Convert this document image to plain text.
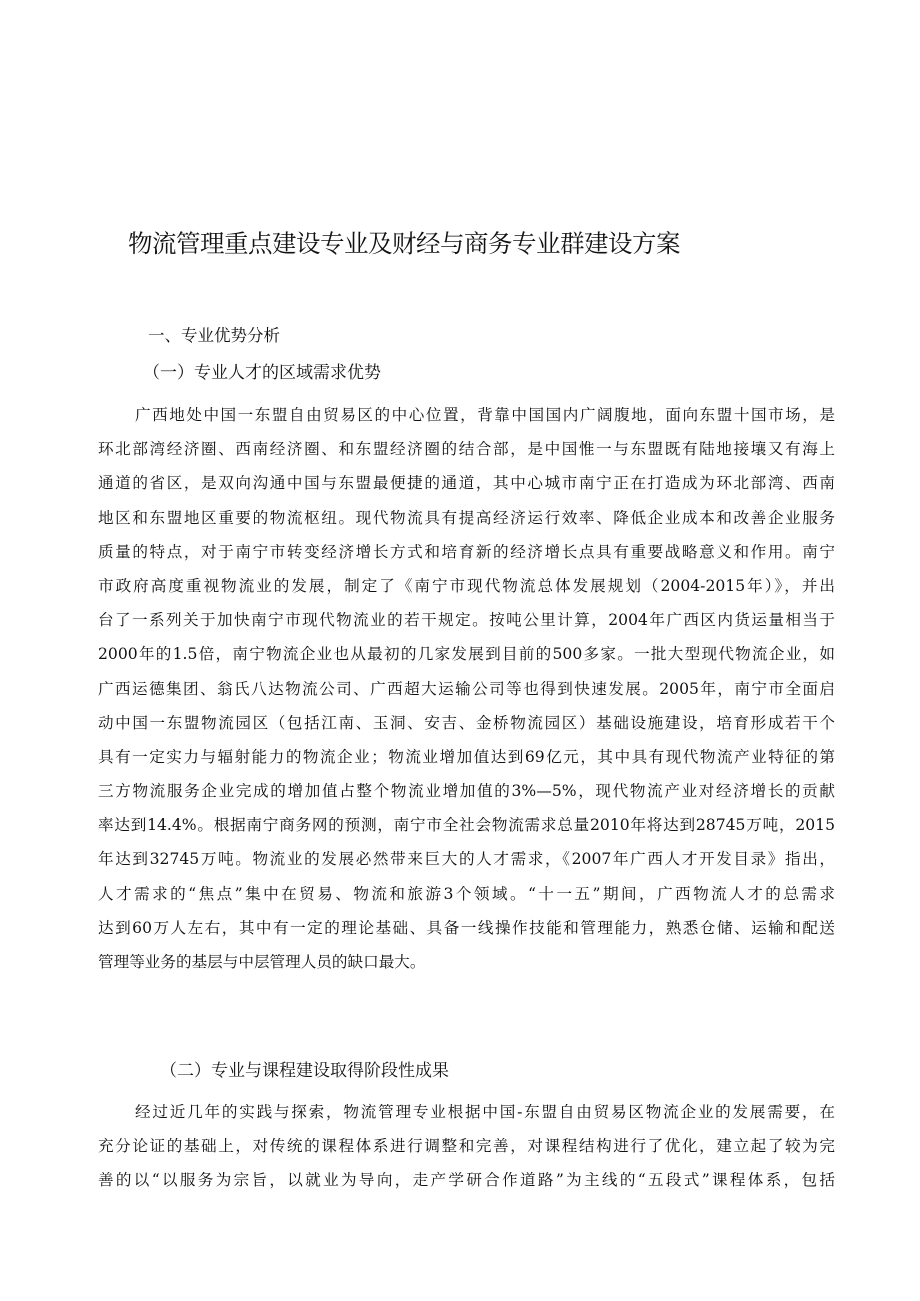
物流管理重点建设专业及财经与商务专业群建设方案
一、专业优势分析
（一）专业人才的区域需求优势
广西地处中国一东盟自由贸易区的中心位置，背靠中国国内广阔腹地，面向东盟十国市场，是
环北部湾经济圈、西南经济圈、和东盟经济圈的结合部，是中国惟一与东盟既有陆地接壤又有海上
通道的省区，是双向沟通中国与东盟最便捷的通道，其中心城市南宁正在打造成为环北部湾、西南
地区和东盟地区重要的物流枢纽。现代物流具有提高经济运行效率、降低企业成本和改善企业服务
质量的特点，对于南宁市转变经济增长方式和培育新的经济增长点具有重要战略意义和作用。南宁
市政府高度重视物流业的发展，制定了《南宁市现代物流总体发展规划（2004-2015年）》，并出
台了一系列关于加快南宁市现代物流业的若干规定。按吨公里计算，2004年广西区内货运量相当于
2000年的1.5倍，南宁物流企业也从最初的几家发展到目前的500多家。一批大型现代物流企业，如
广西运德集团、翁氏八达物流公司、广西超大运输公司等也得到快速发展。2005年，南宁市全面启
动中国一东盟物流园区（包括江南、玉洞、安吉、金桥物流园区）基础设施建设，培育形成若干个
具有一定实力与辐射能力的物流企业；物流业增加值达到69亿元，其中具有现代物流产业特征的第
三方物流服务企业完成的增加值占整个物流业增加值的3%—5%，现代物流产业对经济增长的贡献
率达到14.4%。根据南宁商务网的预测，南宁市全社会物流需求总量2010年将达到28745万吨，2015
年达到32745万吨。物流业的发展必然带来巨大的人才需求，《2007年广西人才开发目录》指出，
人才需求的“焦点”集中在贸易、物流和旅游3个领域。“十一五”期间，广西物流人才的总需求
达到60万人左右，其中有一定的理论基础、具备一线操作技能和管理能力，熟悉仓储、运输和配送
管理等业务的基层与中层管理人员的缺口最大。
（二）专业与课程建设取得阶段性成果
经过近几年的实践与探索，物流管理专业根据中国-东盟自由贸易区物流企业的发展需要，在
充分论证的基础上，对传统的课程体系进行调整和完善，对课程结构进行了优化，建立起了较为完
善的以“以服务为宗旨，以就业为导向，走产学研合作道路”为主线的“五段式”课程体系，包括
